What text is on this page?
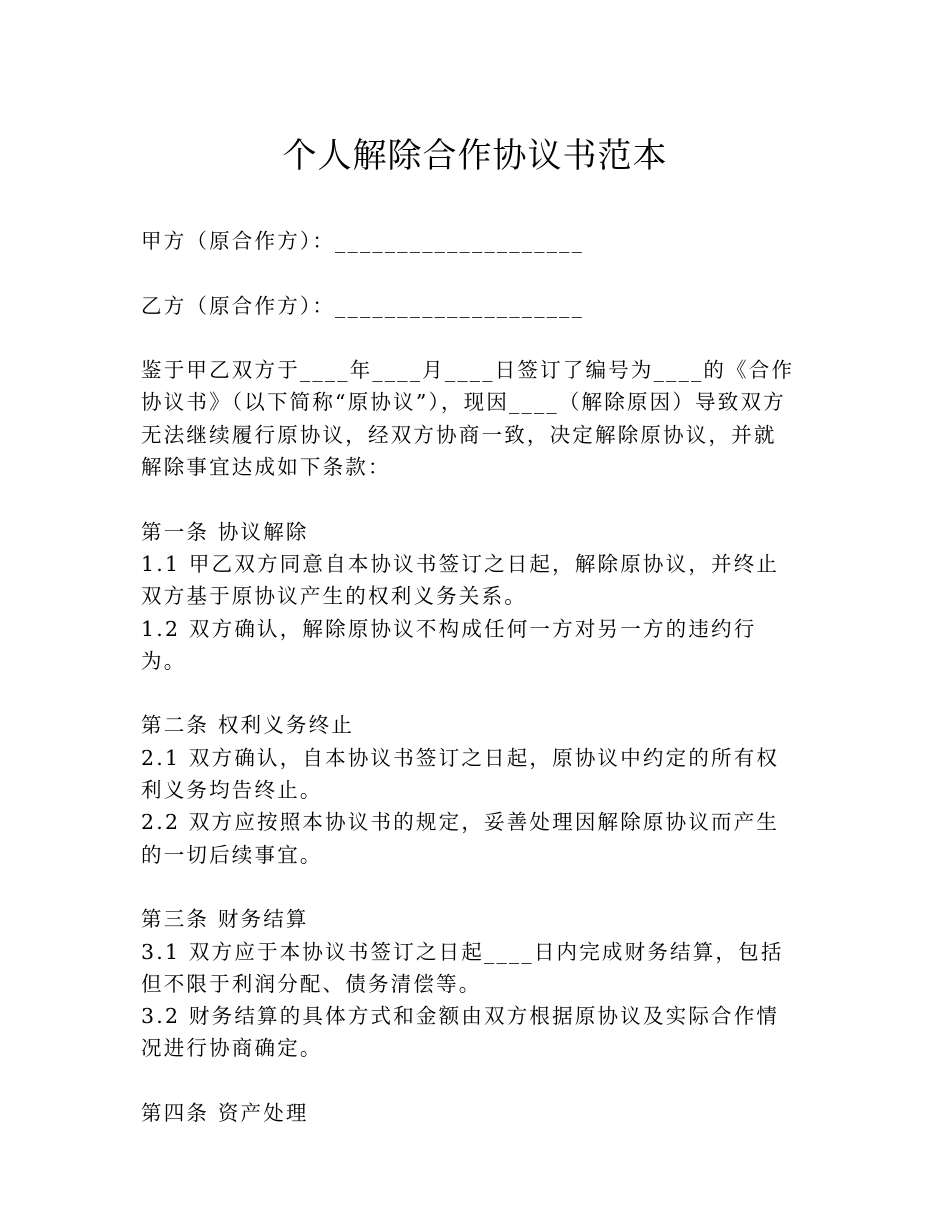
个人解除合作协议书范本

甲方（原合作方）：____________________

乙方（原合作方）：____________________

鉴于甲乙双方于____年____月____日签订了编号为____的《合作协议书》（以下简称“原协议”），现因____（解除原因）导致双方无法继续履行原协议，经双方协商一致，决定解除原协议，并就解除事宜达成如下条款：

第一条 协议解除

1.1 甲乙双方同意自本协议书签订之日起，解除原协议，并终止双方基于原协议产生的权利义务关系。

1.2 双方确认，解除原协议不构成任何一方对另一方的违约行为。

第二条 权利义务终止

2.1 双方确认，自本协议书签订之日起，原协议中约定的所有权利义务均告终止。

2.2 双方应按照本协议书的规定，妥善处理因解除原协议而产生的一切后续事宜。

第三条 财务结算

3.1 双方应于本协议书签订之日起____日内完成财务结算，包括但不限于利润分配、债务清偿等。

3.2 财务结算的具体方式和金额由双方根据原协议及实际合作情况进行协商确定。

第四条 资产处理
